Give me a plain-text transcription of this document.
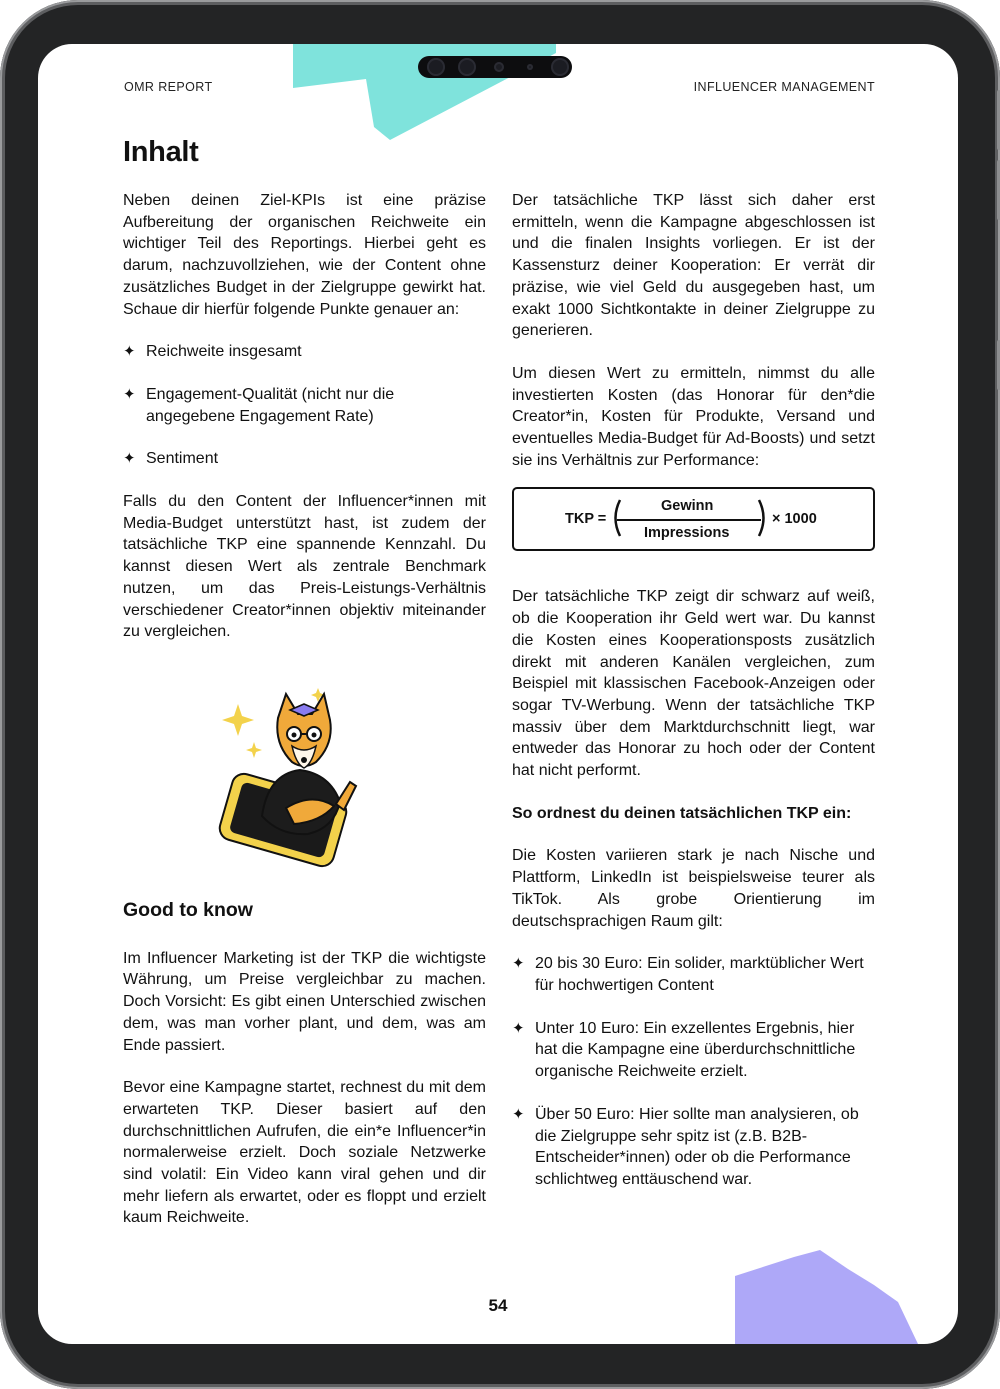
OMR REPORT	INFLUENCER MANAGEMENT
Inhalt

Neben deinen Ziel-KPIs ist eine präzise Aufbereitung der organischen Reichweite ein wichtiger Teil des Reportings. Hierbei geht es darum, nachzuvollziehen, wie der Content ohne zusätzliches Budget in der Zielgruppe gewirkt hat. Schaue dir hierfür folgende Punkte genauer an:

✦ Reichweite insgesamt
✦ Engagement-Qualität (nicht nur die angegebene Engagement Rate)
✦ Sentiment

Falls du den Content der Influencer*innen mit Media-Budget unterstützt hast, ist zudem der tatsächliche TKP eine spannende Kennzahl. Du kannst diesen Wert als zentrale Benchmark nutzen, um das Preis-Leistungs-Verhältnis verschiedener Creator*innen objektiv miteinander zu vergleichen.

Good to know

Im Influencer Marketing ist der TKP die wichtigste Währung, um Preise vergleichbar zu machen. Doch Vorsicht: Es gibt einen Unterschied zwischen dem, was man vorher plant, und dem, was am Ende passiert.

Bevor eine Kampagne startet, rechnest du mit dem erwarteten TKP. Dieser basiert auf den durchschnittlichen Aufrufen, die ein*e Influencer*in normalerweise erzielt. Doch soziale Netzwerke sind volatil: Ein Video kann viral gehen und dir mehr liefern als erwartet, oder es floppt und erzielt kaum Reichweite.

Der tatsächliche TKP lässt sich daher erst ermitteln, wenn die Kampagne abgeschlossen ist und die finalen Insights vorliegen. Er ist der Kassensturz deiner Kooperation: Er verrät dir präzise, wie viel Geld du ausgegeben hast, um exakt 1000 Sichtkontakte in deiner Zielgruppe zu generieren.

Um diesen Wert zu ermitteln, nimmst du alle investierten Kosten (das Honorar für den*die Creator*in, Kosten für Produkte, Versand und eventuelles Media-Budget für Ad-Boosts) und setzt sie ins Verhältnis zur Performance:

TKP =
Gewinn
Impressions
× 1000

Der tatsächliche TKP zeigt dir schwarz auf weiß, ob die Kooperation ihr Geld wert war. Du kannst die Kosten eines Kooperationsposts zusätzlich direkt mit anderen Kanälen vergleichen, zum Beispiel mit klassischen Facebook-Anzeigen oder sogar TV-Werbung. Wenn der tatsächliche TKP massiv über dem Marktdurchschnitt liegt, war entweder das Honorar zu hoch oder der Content hat nicht performt.

So ordnest du deinen tatsächlichen TKP ein:

Die Kosten variieren stark je nach Nische und Plattform, LinkedIn ist beispielsweise teurer als TikTok. Als grobe Orientierung im deutschsprachigen Raum gilt:

✦ 20 bis 30 Euro: Ein solider, marktüblicher Wert für hochwertigen Content
✦ Unter 10 Euro: Ein exzellentes Ergebnis, hier hat die Kampagne eine überdurchschnittliche organische Reichweite erzielt.
✦ Über 50 Euro: Hier sollte man analysieren, ob die Zielgruppe sehr spitz ist (z.B. B2B-Entscheider*innen) oder ob die Performance schlichtweg enttäuschend war.
54
